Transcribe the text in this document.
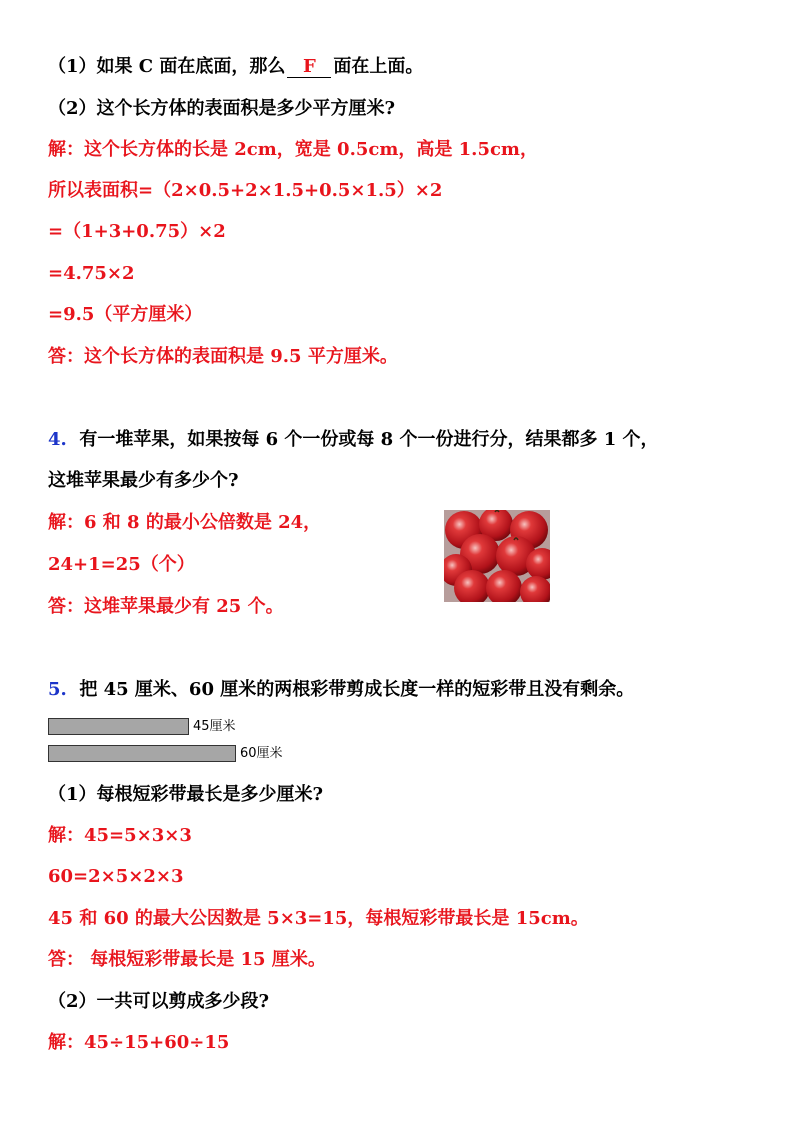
（1）如果 C 面在底面，那么 F 面在上面。
（2）这个长方体的表面积是多少平方厘米?
解：这个长方体的长是 2cm，宽是 0.5cm，高是 1.5cm，
所以表面积=（2×0.5+2×1.5+0.5×1.5）×2
=（1+3+0.75）×2
=4.75×2
=9.5（平方厘米）
答：这个长方体的表面积是 9.5 平方厘米。
4. 有一堆苹果，如果按每 6 个一份或每 8 个一份进行分，结果都多 1 个，
这堆苹果最少有多少个?
解：6 和 8 的最小公倍数是 24，
24+1=25（个）
答：这堆苹果最少有 25 个。
5. 把 45 厘米、60 厘米的两根彩带剪成长度一样的短彩带且没有剩余。
45厘米
60厘米
（1）每根短彩带最长是多少厘米?
解：45=5×3×3
60=2×5×2×3
45 和 60 的最大公因数是 5×3=15，每根短彩带最长是 15cm。
答： 每根短彩带最长是 15 厘米。
（2）一共可以剪成多少段?
解：45÷15+60÷15
